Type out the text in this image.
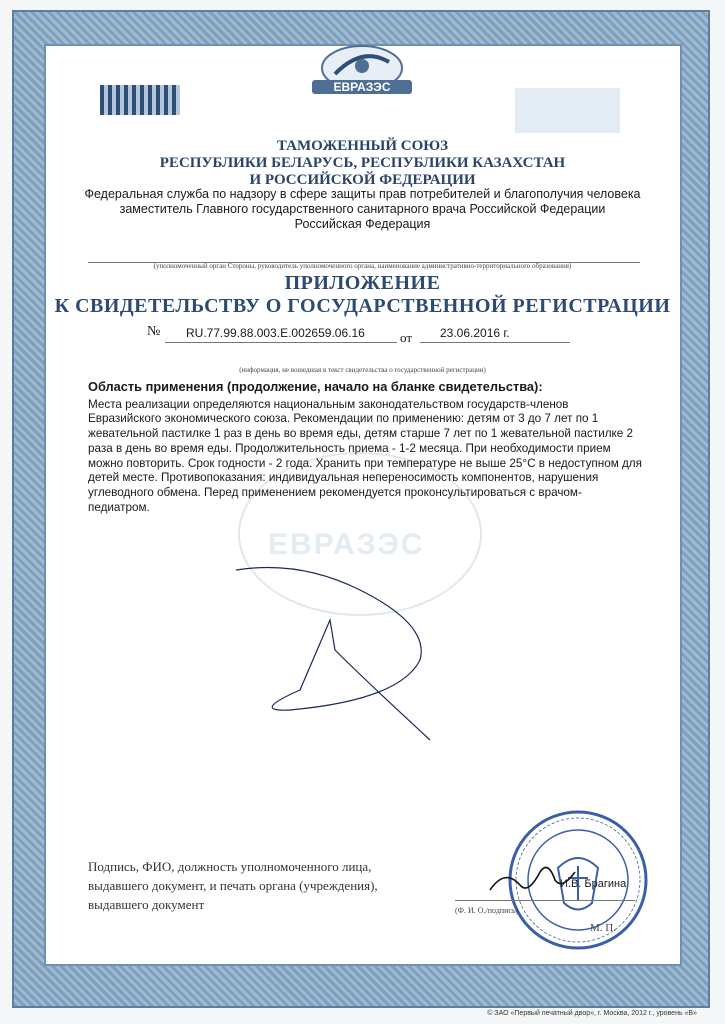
ЕВРАЗЭС
ЕВРАЗЭС
ТАМОЖЕННЫЙ СОЮЗ
РЕСПУБЛИКИ БЕЛАРУСЬ, РЕСПУБЛИКИ КАЗАХСТАН
И РОССИЙСКОЙ ФЕДЕРАЦИИ
Федеральная служба по надзору в сфере защиты прав потребителей и благополучия человека
заместитель Главного государственного санитарного врача Российской Федерации
Российская Федерация
(уполномоченный орган Стороны, руководитель уполномоченного органа, наименование административно-территориального образования)
ПРИЛОЖЕНИЕ
К СВИДЕТЕЛЬСТВУ О ГОСУДАРСТВЕННОЙ РЕГИСТРАЦИИ
№ RU.77.99.88.003.E.002659.06.16	от 23.06.2016 г.
(информация, не вошедшая в текст свидетельства о государственной регистрации)
Область применения (продолжение, начало на бланке свидетельства):
Места реализации определяются национальным законодательством государств-членов Евразийского экономического союза. Рекомендации по применению: детям от 3 до 7 лет по 1 жевательной пастилке 1 раз в день во время еды, детям старше 7 лет по 1 жевательной пастилке 2 раза в день во время еды. Продолжительность приема - 1-2 месяца. При необходимости прием можно повторить. Срок годности - 2 года. Хранить при температуре не выше 25°С в недоступном для детей месте. Противопоказания: индивидуальная непереносимость компонентов, нарушения углеводного обмена. Перед применением рекомендуется проконсультироваться с врачом-педиатром.
Подпись, ФИО, должность уполномоченного лица, выдавшего документ, и печать органа (учреждения), выдавшего документ
И.В. Брагина
(Ф. И. О./подпись)
М. П.
© ЗАО «Первый печатный двор», г. Москва, 2012 г., уровень «В»
